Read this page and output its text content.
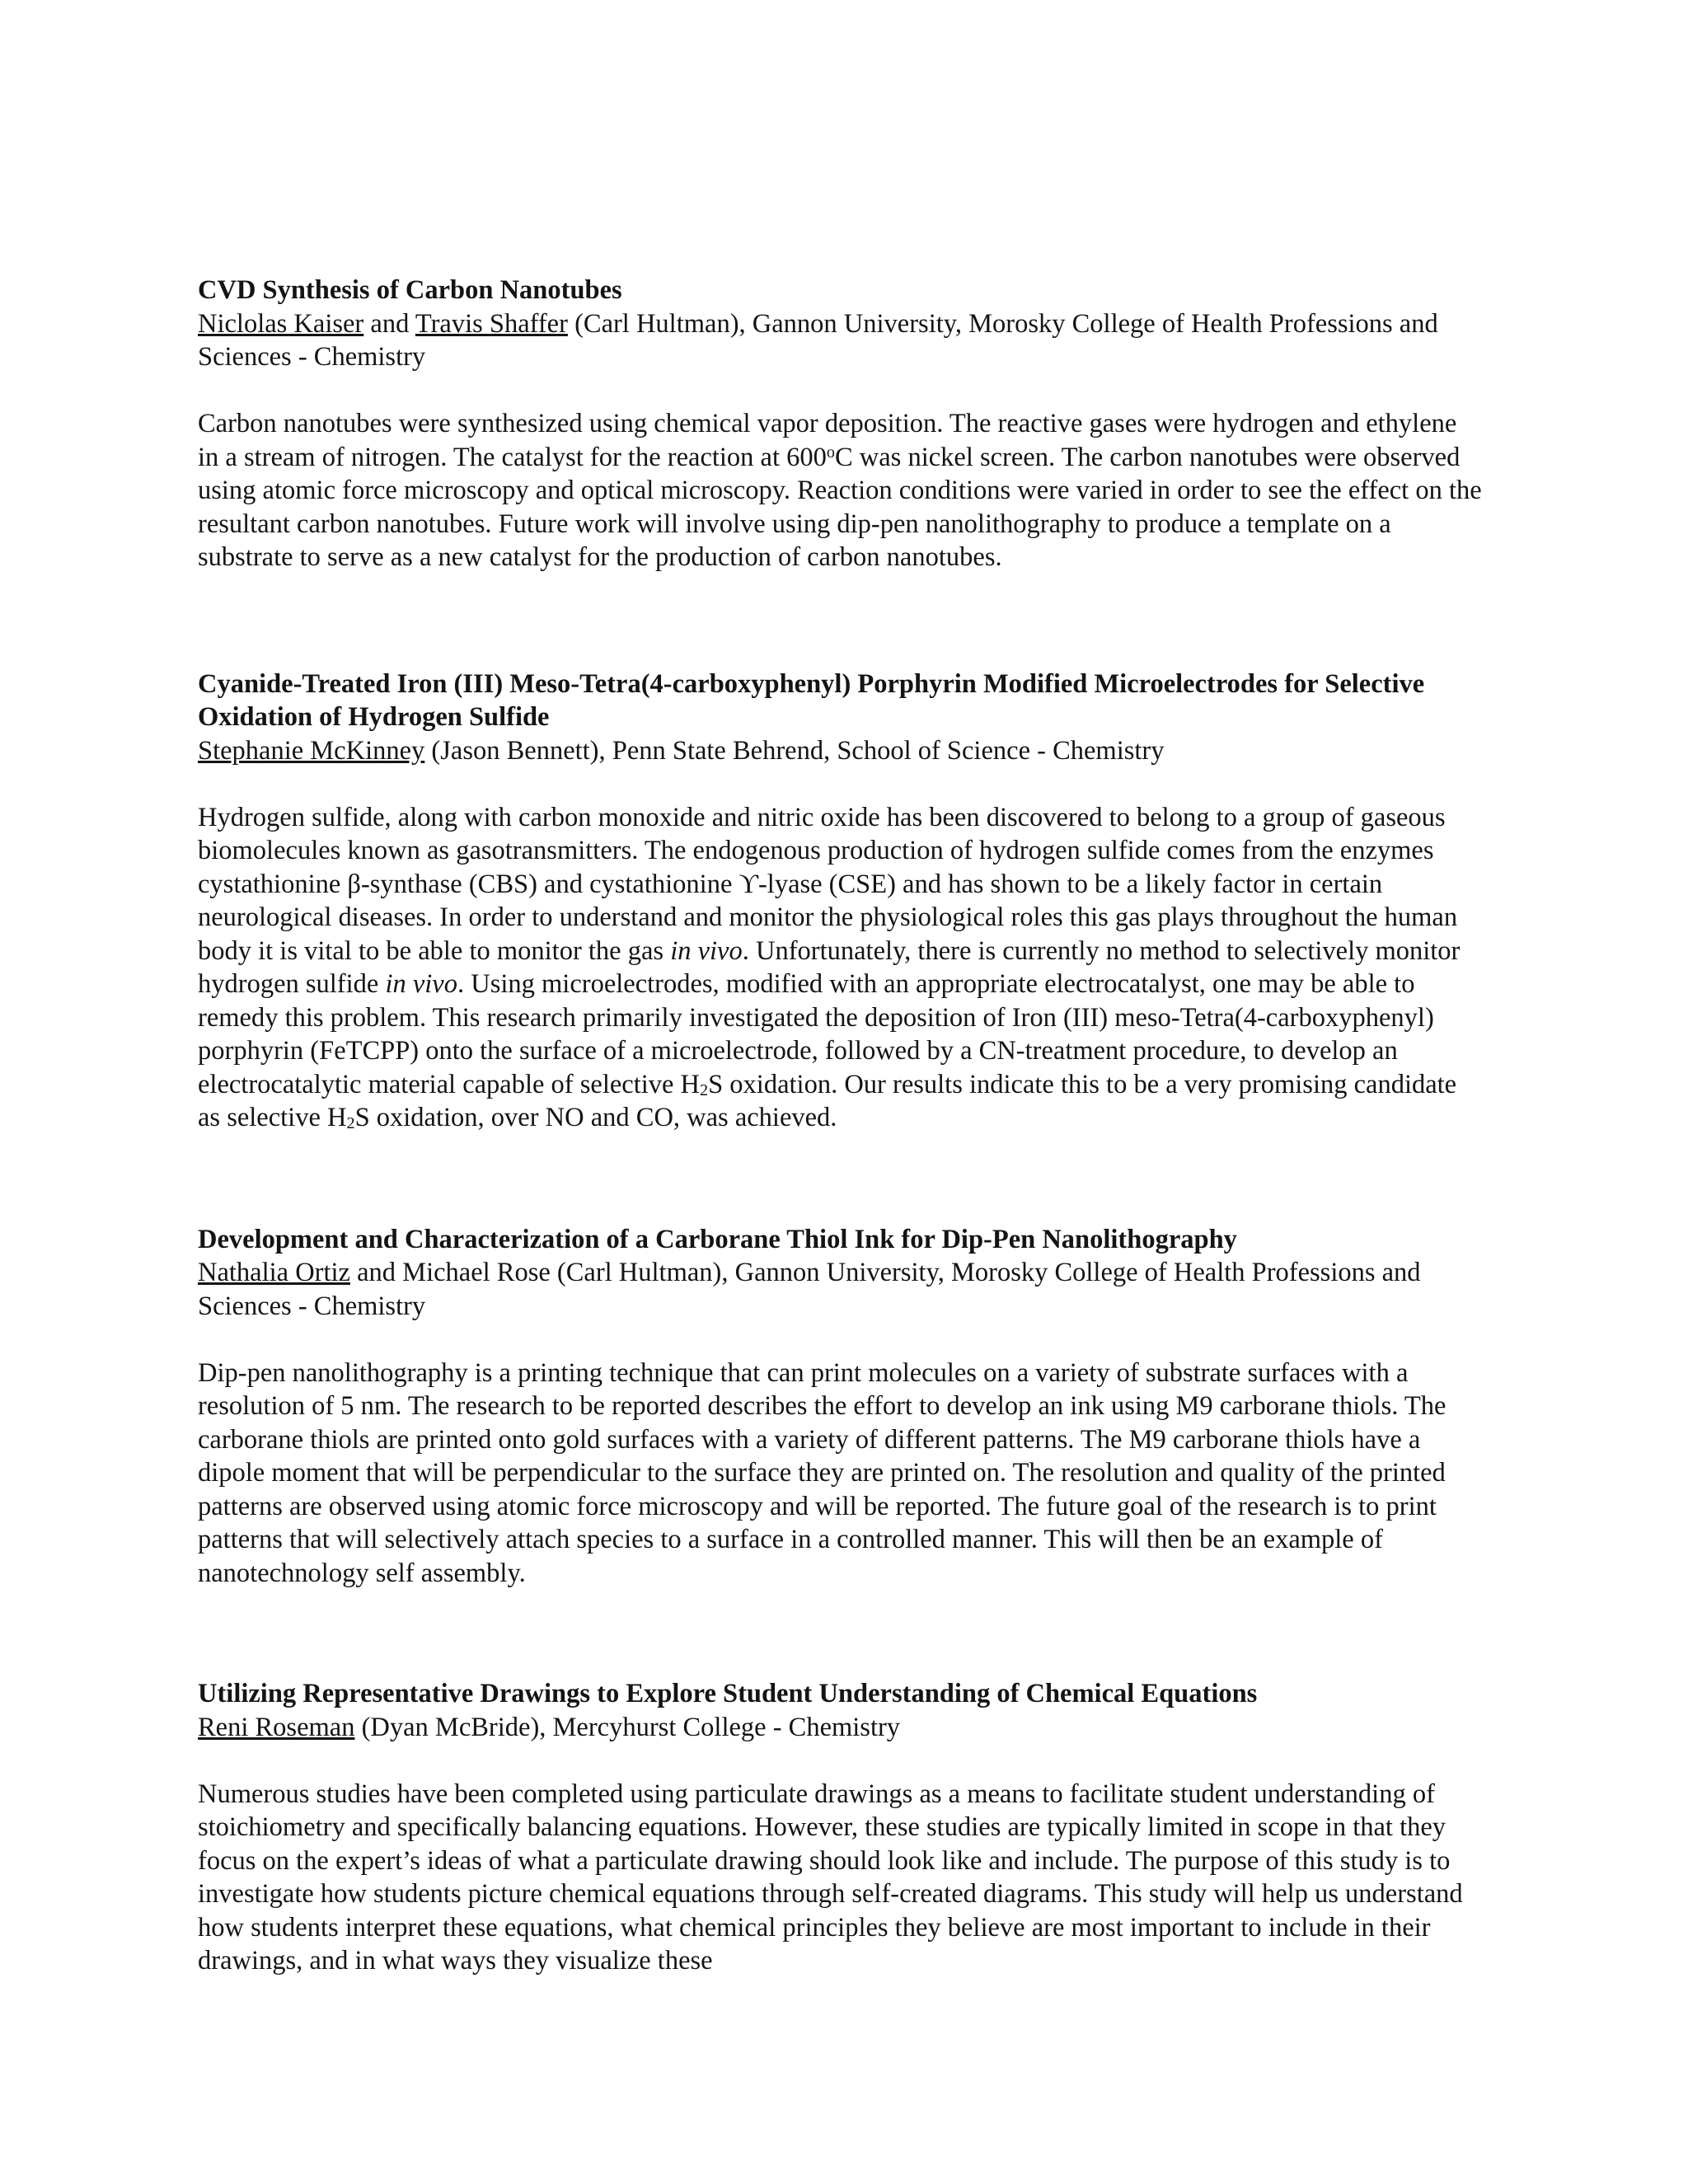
CVD Synthesis of Carbon Nanotubes
Niclolas Kaiser and Travis Shaffer (Carl Hultman), Gannon University, Morosky College of Health Professions and Sciences - Chemistry
Carbon nanotubes were synthesized using chemical vapor deposition. The reactive gases were hydrogen and ethylene in a stream of nitrogen. The catalyst for the reaction at 600$^o$C was nickel screen. The carbon nanotubes were observed using atomic force microscopy and optical microscopy. Reaction conditions were varied in order to see the effect on the resultant carbon nanotubes. Future work will involve using dip-pen nanolithography to produce a template on a substrate to serve as a new catalyst for the production of carbon nanotubes.
Cyanide-Treated Iron (III) Meso-Tetra(4-carboxyphenyl) Porphyrin Modified Microelectrodes for Selective Oxidation of Hydrogen Sulfide
Stephanie McKinney (Jason Bennett), Penn State Behrend, School of Science - Chemistry
Hydrogen sulfide, along with carbon monoxide and nitric oxide has been discovered to belong to a group of gaseous biomolecules known as gasotransmitters. The endogenous production of hydrogen sulfide comes from the enzymes cystathionine β-synthase (CBS) and cystathionine ϒ-lyase (CSE) and has shown to be a likely factor in certain neurological diseases. In order to understand and monitor the physiological roles this gas plays throughout the human body it is vital to be able to monitor the gas in vivo. Unfortunately, there is currently no method to selectively monitor hydrogen sulfide in vivo. Using microelectrodes, modified with an appropriate electrocatalyst, one may be able to remedy this problem. This research primarily investigated the deposition of Iron (III) meso-Tetra(4-carboxyphenyl) porphyrin (FeTCPP) onto the surface of a microelectrode, followed by a CN-treatment procedure, to develop an electrocatalytic material capable of selective $H_2S$ oxidation. Our results indicate this to be a very promising candidate as selective $H_2S$ oxidation, over NO and CO, was achieved.
Development and Characterization of a Carborane Thiol Ink for Dip-Pen Nanolithography
Nathalia Ortiz and Michael Rose (Carl Hultman), Gannon University, Morosky College of Health Professions and Sciences - Chemistry
Dip-pen nanolithography is a printing technique that can print molecules on a variety of substrate surfaces with a resolution of 5 nm. The research to be reported describes the effort to develop an ink using M9 carborane thiols. The carborane thiols are printed onto gold surfaces with a variety of different patterns. The M9 carborane thiols have a dipole moment that will be perpendicular to the surface they are printed on. The resolution and quality of the printed patterns are observed using atomic force microscopy and will be reported. The future goal of the research is to print patterns that will selectively attach species to a surface in a controlled manner. This will then be an example of nanotechnology self assembly.
Utilizing Representative Drawings to Explore Student Understanding of Chemical Equations
Reni Roseman (Dyan McBride), Mercyhurst College - Chemistry
Numerous studies have been completed using particulate drawings as a means to facilitate student understanding of stoichiometry and specifically balancing equations. However, these studies are typically limited in scope in that they focus on the expert’s ideas of what a particulate drawing should look like and include. The purpose of this study is to investigate how students picture chemical equations through self-created diagrams. This study will help us understand how students interpret these equations, what chemical principles they believe are most important to include in their drawings, and in what ways they visualize these
